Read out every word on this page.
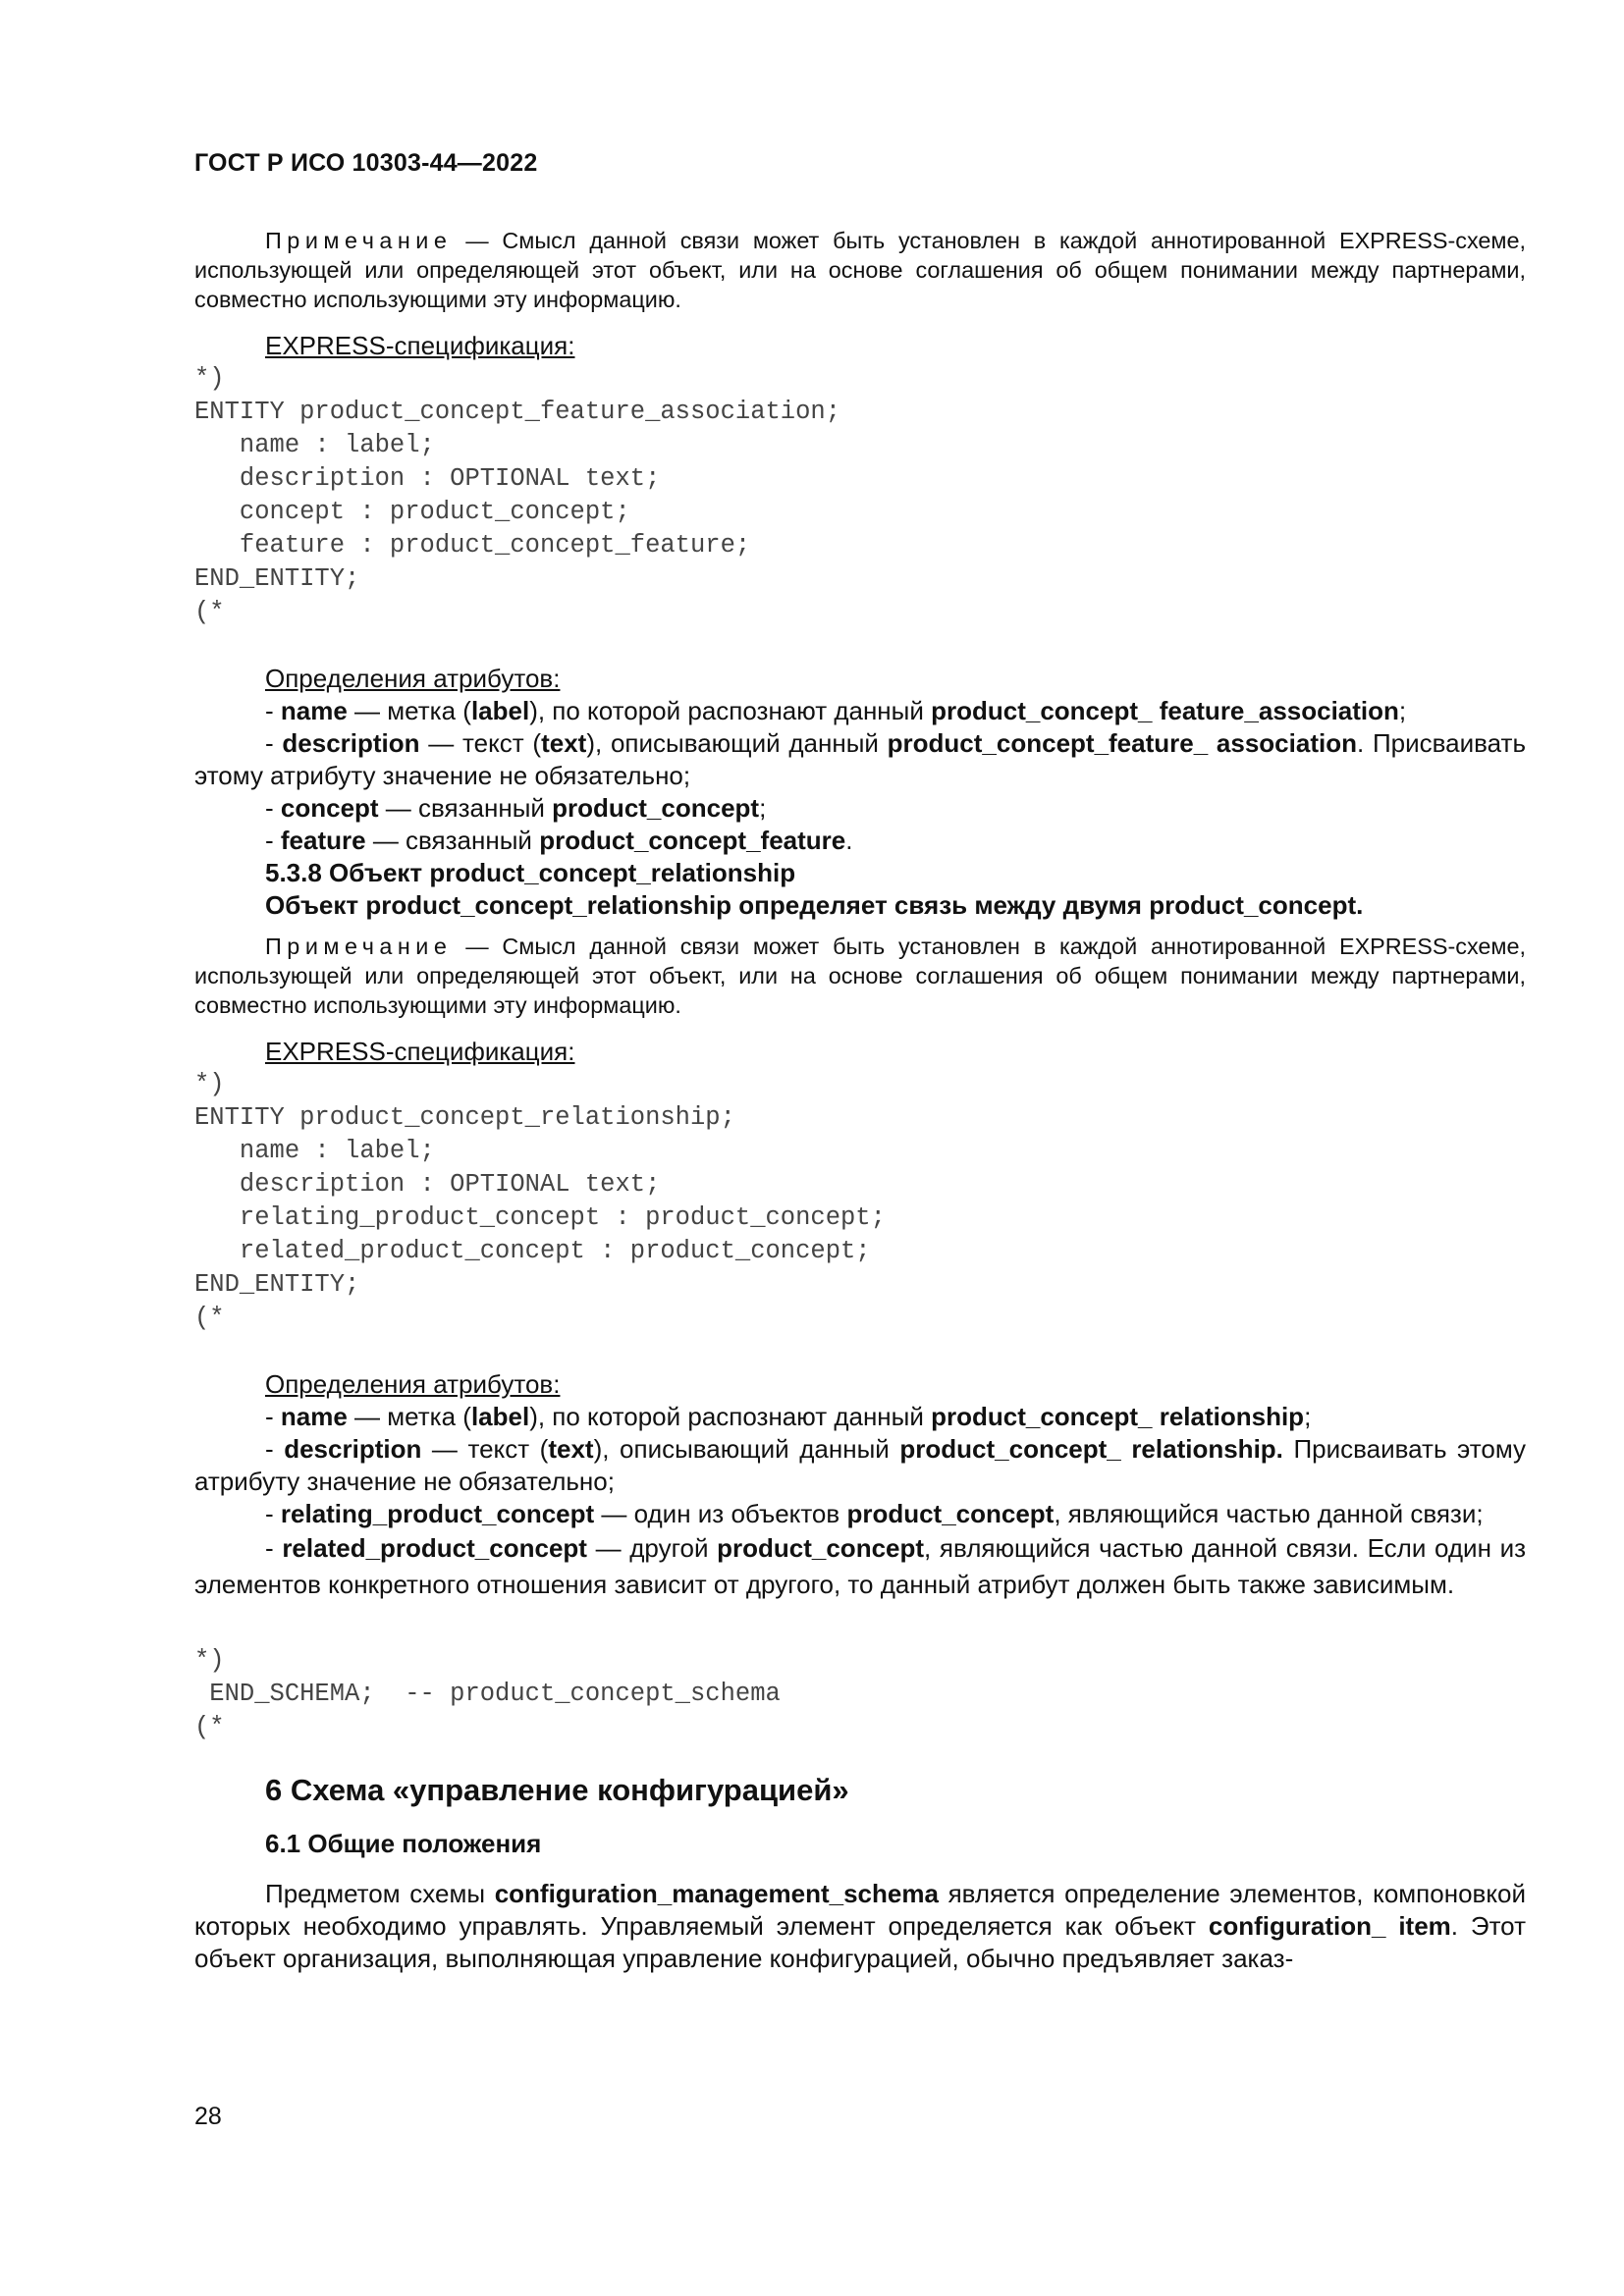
ГОСТ Р ИСО 10303-44—2022

Примечание — Смысл данной связи может быть установлен в каждой аннотированной EXPRESS-схеме, использующей или определяющей этот объект, или на основе соглашения об общем понимании между партнерами, совместно использующими эту информацию.

EXPRESS-спецификация:

*)
ENTITY product_concept_feature_association;
name : label;
description : OPTIONAL text;
concept : product_concept;
feature : product_concept_feature;
END_ENTITY;
(*

Определения атрибутов:

- name — метка (label), по которой распознают данный product_concept_ feature_association;

- description — текст (text), описывающий данный product_concept_feature_ association. Присваивать этому атрибуту значение не обязательно;

- concept — связанный product_concept;

- feature — связанный product_concept_feature.

5.3.8 Объект product_concept_relationship

Объект product_concept_relationship определяет связь между двумя product_concept.

Примечание — Смысл данной связи может быть установлен в каждой аннотированной EXPRESS-схеме, использующей или определяющей этот объект, или на основе соглашения об общем понимании между партнерами, совместно использующими эту информацию.

EXPRESS-спецификация:

*)
ENTITY product_concept_relationship;
name : label;
description : OPTIONAL text;
relating_product_concept : product_concept;
related_product_concept : product_concept;
END_ENTITY;
(*

Определения атрибутов:

- name — метка (label), по которой распознают данный product_concept_ relationship;

- description — текст (text), описывающий данный product_concept_ relationship. Присваивать этому атрибуту значение не обязательно;

- relating_product_concept — один из объектов product_concept, являющийся частью данной связи;

- related_product_concept — другой product_concept, являющийся частью данной связи. Если один из элементов конкретного отношения зависит от другого, то данный атрибут должен быть также зависимым.

*)
END_SCHEMA;  -- product_concept_schema
(*

6 Схема «управление конфигурацией»

6.1 Общие положения

Предметом схемы configuration_management_schema является определение элементов, компоновкой которых необходимо управлять. Управляемый элемент определяется как объект configuration_ item. Этот объект организация, выполняющая управление конфигурацией, обычно предъявляет заказ-

28
